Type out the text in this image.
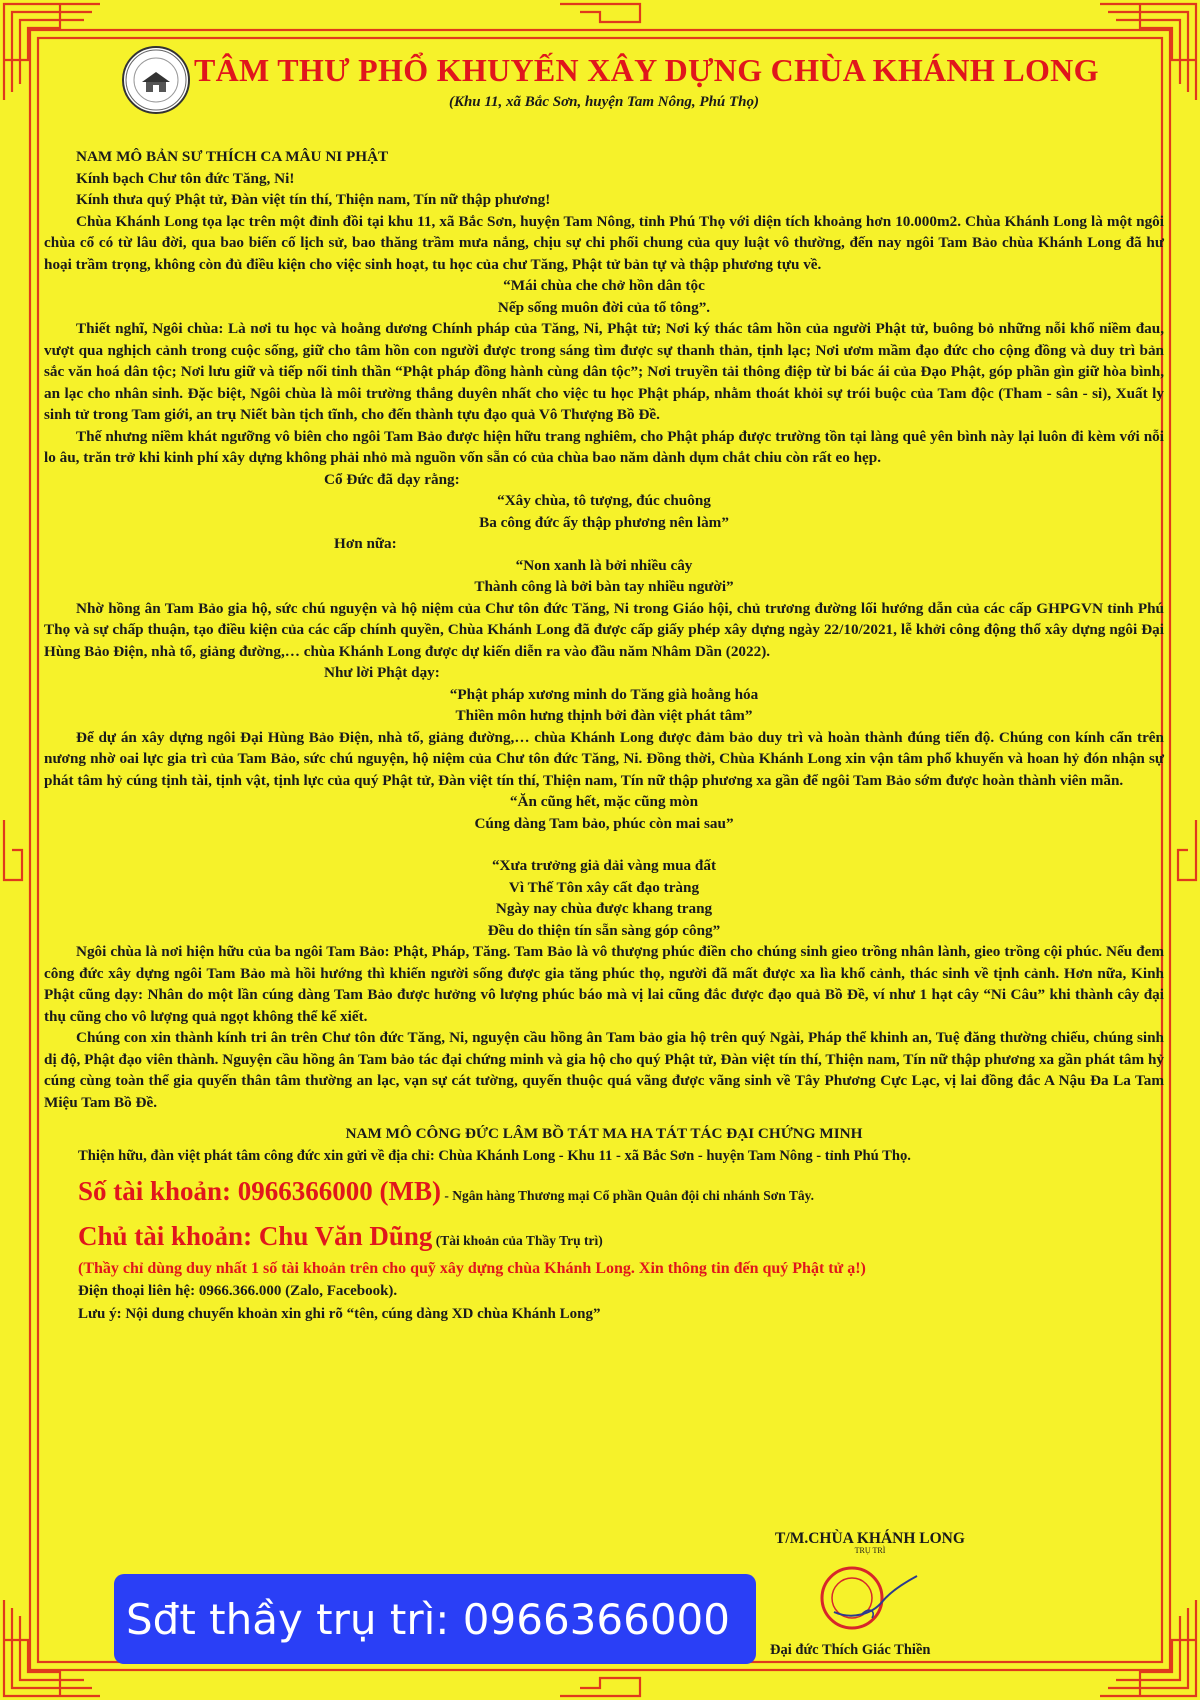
TÂM THƯ PHỔ KHUYẾN XÂY DỰNG CHÙA KHÁNH LONG
(Khu 11, xã Bắc Sơn, huyện Tam Nông, Phú Thọ)

NAM MÔ BẢN SƯ THÍCH CA MÂU NI PHẬT

Kính bạch Chư tôn đức Tăng, Ni!

Kính thưa quý Phật tử, Đàn việt tín thí, Thiện nam, Tín nữ thập phương!

Chùa Khánh Long tọa lạc trên một đỉnh đồi tại khu 11, xã Bắc Sơn, huyện Tam Nông, tỉnh Phú Thọ với diện tích khoảng hơn 10.000m2. Chùa Khánh Long là một ngôi chùa cổ có từ lâu đời, qua bao biến cố lịch sử, bao thăng trầm mưa nắng, chịu sự chi phối chung của quy luật vô thường, đến nay ngôi Tam Bảo chùa Khánh Long đã hư hoại trầm trọng, không còn đủ điều kiện cho việc sinh hoạt, tu học của chư Tăng, Phật tử bản tự và thập phương tựu về.

“Mái chùa che chở hồn dân tộc

Nếp sống muôn đời của tổ tông”.

Thiết nghĩ, Ngôi chùa: Là nơi tu học và hoằng dương Chính pháp của Tăng, Ni, Phật tử; Nơi ký thác tâm hồn của người Phật tử, buông bỏ những nỗi khổ niềm đau, vượt qua nghịch cảnh trong cuộc sống, giữ cho tâm hồn con người được trong sáng tìm được sự thanh thản, tịnh lạc; Nơi ươm mầm đạo đức cho cộng đồng và duy trì bản sắc văn hoá dân tộc; Nơi lưu giữ và tiếp nối tinh thần “Phật pháp đồng hành cùng dân tộc”; Nơi truyền tải thông điệp từ bi bác ái của Đạo Phật, góp phần gìn giữ hòa bình, an lạc cho nhân sinh. Đặc biệt, Ngôi chùa là môi trường thắng duyên nhất cho việc tu học Phật pháp, nhằm thoát khỏi sự trói buộc của Tam độc (Tham - sân - si), Xuất ly sinh tử trong Tam giới, an trụ Niết bàn tịch tĩnh, cho đến thành tựu đạo quả Vô Thượng Bồ Đề.

Thế nhưng niềm khát ngưỡng vô biên cho ngôi Tam Bảo được hiện hữu trang nghiêm, cho Phật pháp được trường tồn tại làng quê yên bình này lại luôn đi kèm với nỗi lo âu, trăn trở khi kinh phí xây dựng không phải nhỏ mà nguồn vốn sẵn có của chùa bao năm dành dụm chắt chiu còn rất eo hẹp.

Cổ Đức đã dạy rằng:

“Xây chùa, tô tượng, đúc chuông

Ba công đức ấy thập phương nên làm”

Hơn nữa:

“Non xanh là bởi nhiều cây

Thành công là bởi bàn tay nhiều người”

Nhờ hồng ân Tam Bảo gia hộ, sức chú nguyện và hộ niệm của Chư tôn đức Tăng, Ni trong Giáo hội, chủ trương đường lối hướng dẫn của các cấp GHPGVN tỉnh Phú Thọ và sự chấp thuận, tạo điều kiện của các cấp chính quyền, Chùa Khánh Long đã được cấp giấy phép xây dựng ngày 22/10/2021, lễ khởi công động thổ xây dựng ngôi Đại Hùng Bảo Điện, nhà tổ, giảng đường,… chùa Khánh Long được dự kiến diễn ra vào đầu năm Nhâm Dần (2022).

Như lời Phật dạy:

“Phật pháp xương minh do Tăng già hoằng hóa

Thiền môn hưng thịnh bởi đàn việt phát tâm”

Để dự án xây dựng ngôi Đại Hùng Bảo Điện, nhà tổ, giảng đường,… chùa Khánh Long được đảm bảo duy trì và hoàn thành đúng tiến độ. Chúng con kính cẩn trên nương nhờ oai lực gia trì của Tam Bảo, sức chú nguyện, hộ niệm của Chư tôn đức Tăng, Ni. Đồng thời, Chùa Khánh Long xin vận tâm phổ khuyến và hoan hỷ đón nhận sự phát tâm hỷ cúng tịnh tài, tịnh vật, tịnh lực của quý Phật tử, Đàn việt tín thí, Thiện nam, Tín nữ thập phương xa gần để ngôi Tam Bảo sớm được hoàn thành viên mãn.

“Ăn cũng hết, mặc cũng mòn

Cúng dàng Tam bảo, phúc còn mai sau”

“Xưa trưởng giả dải vàng mua đất

Vì Thế Tôn xây cất đạo tràng

Ngày nay chùa được khang trang

Đều do thiện tín sẵn sàng góp công”

Ngôi chùa là nơi hiện hữu của ba ngôi Tam Bảo: Phật, Pháp, Tăng. Tam Bảo là vô thượng phúc điền cho chúng sinh gieo trồng nhân lành, gieo trồng cội phúc. Nếu đem công đức xây dựng ngôi Tam Bảo mà hồi hướng thì khiến người sống được gia tăng phúc thọ, người đã mất được xa lìa khổ cảnh, thác sinh về tịnh cảnh. Hơn nữa, Kinh Phật cũng dạy: Nhân do một lần cúng dàng Tam Bảo được hưởng vô lượng phúc báo mà vị lai cũng đắc được đạo quả Bồ Đề, ví như 1 hạt cây “Ni Câu” khi thành cây đại thụ cũng cho vô lượng quả ngọt không thể kể xiết.

Chúng con xin thành kính tri ân trên Chư tôn đức Tăng, Ni, nguyện cầu hồng ân Tam bảo gia hộ trên quý Ngài, Pháp thể khinh an, Tuệ đăng thường chiếu, chúng sinh dị độ, Phật đạo viên thành. Nguyện cầu hồng ân Tam bảo tác đại chứng minh và gia hộ cho quý Phật tử, Đàn việt tín thí, Thiện nam, Tín nữ thập phương xa gần phát tâm hỷ cúng cùng toàn thể gia quyến thân tâm thường an lạc, vạn sự cát tường, quyến thuộc quá vãng được vãng sinh về Tây Phương Cực Lạc, vị lai đồng đắc A Nậu Đa La Tam Miệu Tam Bồ Đề.

NAM MÔ CÔNG ĐỨC LÂM BỒ TÁT MA HA TÁT TÁC ĐẠI CHỨNG MINH

Thiện hữu, đàn việt phát tâm công đức xin gửi về địa chỉ: Chùa Khánh Long - Khu 11 - xã Bắc Sơn - huyện Tam Nông - tỉnh Phú Thọ.

Số tài khoản: 0966366000 (MB) - Ngân hàng Thương mại Cổ phần Quân đội chi nhánh Sơn Tây.
Chủ tài khoản: Chu Văn Dũng (Tài khoản của Thầy Trụ trì)
(Thầy chỉ dùng duy nhất 1 số tài khoản trên cho quỹ xây dựng chùa Khánh Long. Xin thông tin đến quý Phật tử ạ!)
Điện thoại liên hệ: 0966.366.000 (Zalo, Facebook).
Lưu ý: Nội dung chuyển khoản xin ghi rõ “tên, cúng dàng XD chùa Khánh Long”
T/M.CHÙA KHÁNH LONG
TRỤ TRÌ
Đại đức Thích Giác Thiền
Sđt thầy trụ trì: 0966366000
